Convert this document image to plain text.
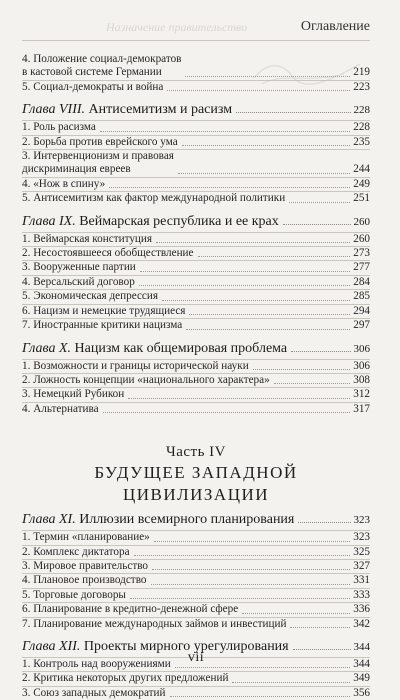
Назначение правительство	Оглавление
4. Положение социал-демократов
в кастовой системе Германии	219
5. Социал-демократы и война	223
Глава VIII. Антисемитизм и расизм	228
1. Роль расизма	228
2. Борьба против еврейского ума	235
3. Интервенционизм и правовая
дискриминация евреев	244
4. «Нож в спину»	249
5. Антисемитизм как фактор международной политики	251
Глава IX. Веймарская республика и ее крах	260
1. Веймарская конституция	260
2. Несостоявшееся обобществление	273
3. Вооруженные партии	277
4. Версальский договор	284
5. Экономическая депрессия	285
6. Нацизм и немецкие трудящиеся	294
7. Иностранные критики нацизма	297
Глава X. Нацизм как общемировая проблема	306
1. Возможности и границы исторической науки	306
2. Ложность концепции «национального характера»	308
3. Немецкий Рубикон	312
4. Альтернатива	317
Часть IV
БУДУЩЕЕ ЗАПАДНОЙ ЦИВИЛИЗАЦИИ
Глава XI. Иллюзии всемирного планирования	323
1. Термин «планирование»	323
2. Комплекс диктатора	325
3. Мировое правительство	327
4. Плановое производство	331
5. Торговые договоры	333
6. Планирование в кредитно-денежной сфере	336
7. Планирование международных займов и инвестиций	342
Глава XII. Проекты мирного урегулирования	344
1. Контроль над вооружениями	344
2. Критика некоторых других предложений	349
3. Союз западных демократий	356
vii
